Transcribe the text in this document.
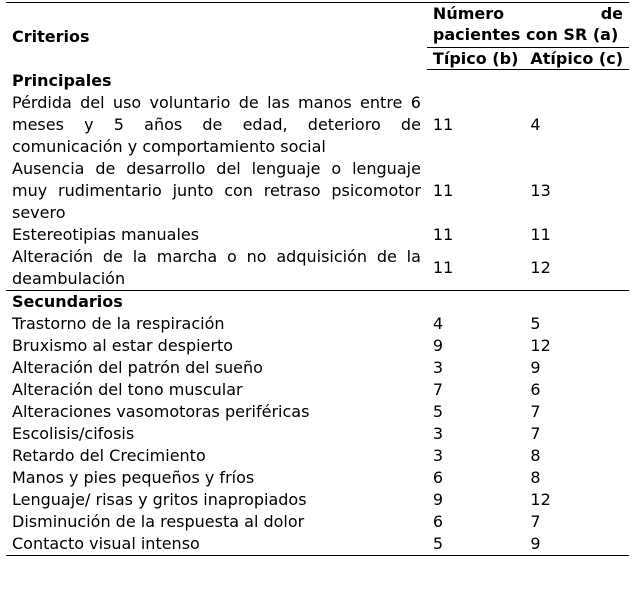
Criterios	Número de pacientes con SR (a)	
	Típico (b)	Atípico (c)
Principales		
Pérdida del uso voluntario de las manos entre 6 meses y 5 años de edad, deterioro de comunicación y comportamiento social	11	4
Ausencia de desarrollo del lenguaje o lenguaje muy rudimentario junto con retraso psicomotor severo	11	13
Estereotipias manuales	11	11
Alteración de la marcha o no adquisición de la deambulación	11	12
Secundarios		
Trastorno de la respiración	4	5
Bruxismo al estar despierto	9	12
Alteración del patrón del sueño	3	9
Alteración del tono muscular	7	6
Alteraciones vasomotoras periféricas	5	7
Escolisis/cifosis	3	7
Retardo del Crecimiento	3	8
Manos y pies pequeños y fríos	6	8
Lenguaje/ risas y gritos inapropiados	9	12
Disminución de la respuesta al dolor	6	7
Contacto visual intenso	5	9
